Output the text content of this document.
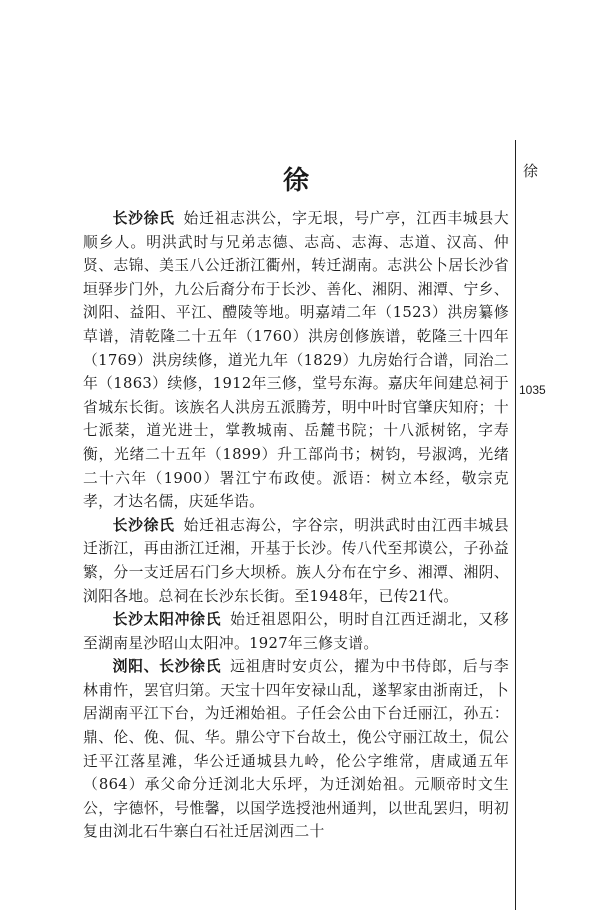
徐
1035
徐

长沙徐氏 始迁祖志洪公，字无垠，号广亭，江西丰城县大顺乡人。明洪武时与兄弟志德、志高、志海、志道、汉高、仲贤、志锦、美玉八公迁浙江衢州，转迁湖南。志洪公卜居长沙省垣驿步门外，九公后裔分布于长沙、善化、湘阴、湘潭、宁乡、浏阳、益阳、平江、醴陵等地。明嘉靖二年（1523）洪房纂修草谱，清乾隆二十五年（1760）洪房创修族谱，乾隆三十四年（1769）洪房续修，道光九年（1829）九房始行合谱，同治二年（1863）续修，1912年三修，堂号东海。嘉庆年间建总祠于省城东长街。该族名人洪房五派腾芳，明中叶时官肇庆知府；十七派棻，道光进士，掌教城南、岳麓书院；十八派树铭，字寿衡，光绪二十五年（1899）升工部尚书；树钧，号淑鸿，光绪二十六年（1900）署江宁布政使。派语：树立本经，敬宗克孝，才达名儒，庆延华诰。

长沙徐氏 始迁祖志海公，字谷宗，明洪武时由江西丰城县迁浙江，再由浙江迁湘，开基于长沙。传八代至邦谟公，子孙益繁，分一支迁居石门乡大坝桥。族人分布在宁乡、湘潭、湘阴、浏阳各地。总祠在长沙东长街。至1948年，已传21代。

长沙太阳冲徐氏 始迁祖恩阳公，明时自江西迁湖北，又移至湖南星沙昭山太阳冲。1927年三修支谱。

浏阳、长沙徐氏 远祖唐时安贞公，擢为中书侍郎，后与李林甫忤，罢官归第。天宝十四年安禄山乱，遂挈家由浙南迁，卜居湖南平江下台，为迁湘始祖。子任会公由下台迁丽江，孙五：鼎、伦、俛、侃、华。鼎公守下台故土，俛公守丽江故土，侃公迁平江落星滩，华公迁通城县九岭，伦公字维常，唐咸通五年（864）承父命分迁浏北大乐坪，为迁浏始祖。元顺帝时文生公，字德怀，号惟馨，以国学选授池州通判，以世乱罢归，明初复由浏北石牛寨白石社迁居浏西二十
